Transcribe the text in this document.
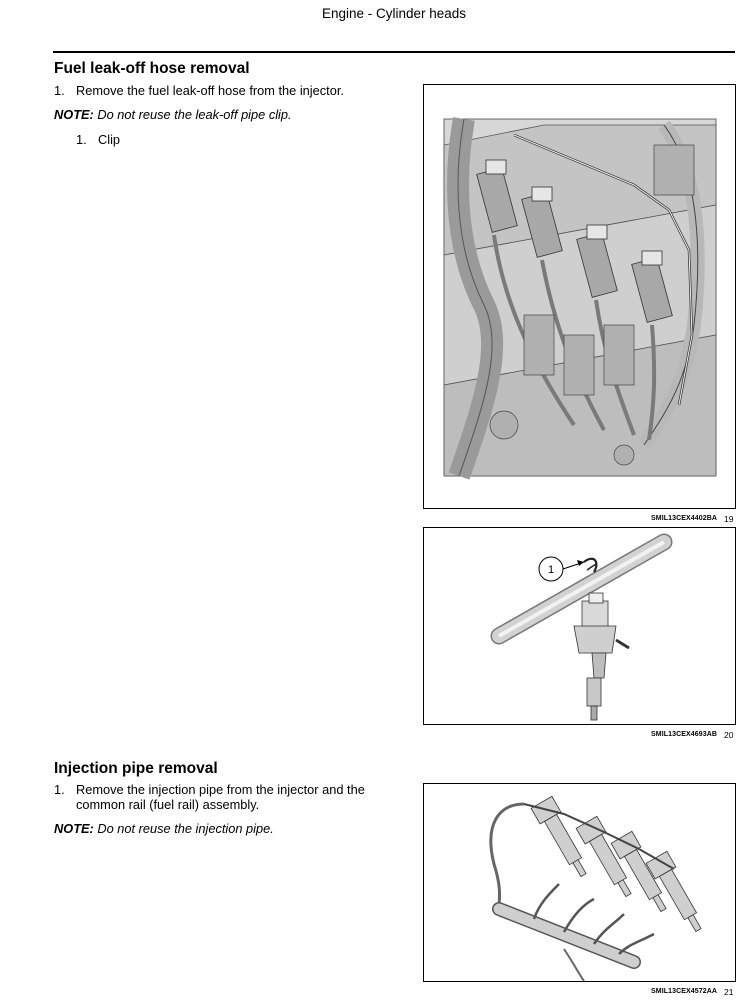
Engine - Cylinder heads
Fuel leak-off hose removal
1. Remove the fuel leak-off hose from the injector.
NOTE: Do not reuse the leak-off pipe clip.
1. Clip
SMIL13CEX4402BA 19
1
SMIL13CEX4693AB 20
Injection pipe removal
1. Remove the injection pipe from the injector and the
common rail (fuel rail) assembly.
NOTE: Do not reuse the injection pipe.
SMIL13CEX4572AA 21
